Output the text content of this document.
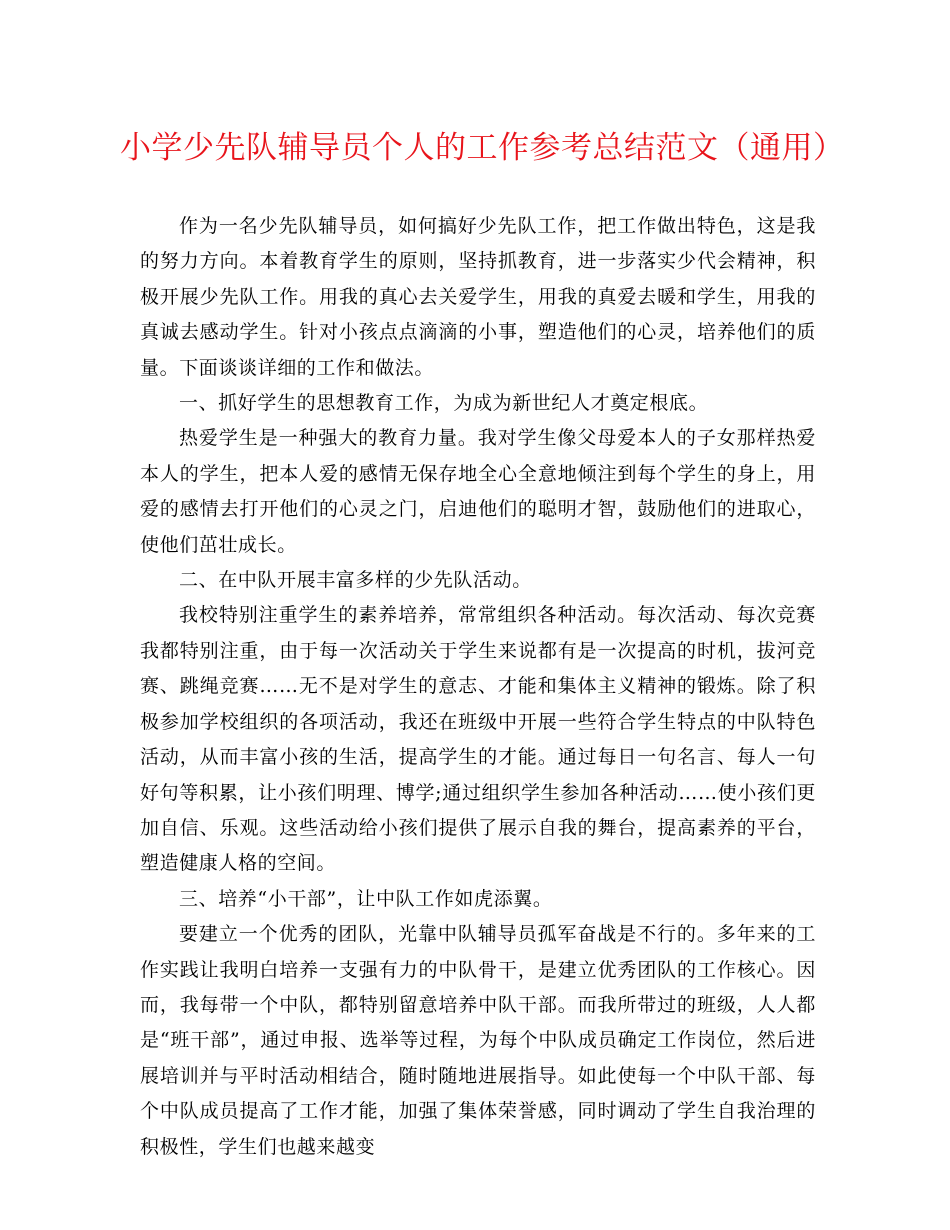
小学少先队辅导员个人的工作参考总结范文（通用）

作为一名少先队辅导员，如何搞好少先队工作，把工作做出特色，这是我的努力方向。本着教育学生的原则，坚持抓教育，进一步落实少代会精神，积极开展少先队工作。用我的真心去关爱学生，用我的真爱去暖和学生，用我的真诚去感动学生。针对小孩点点滴滴的小事，塑造他们的心灵，培养他们的质量。下面谈谈详细的工作和做法。

一、抓好学生的思想教育工作，为成为新世纪人才奠定根底。

热爱学生是一种强大的教育力量。我对学生像父母爱本人的子女那样热爱本人的学生，把本人爱的感情无保存地全心全意地倾注到每个学生的身上，用爱的感情去打开他们的心灵之门，启迪他们的聪明才智，鼓励他们的进取心，使他们茁壮成长。

二、在中队开展丰富多样的少先队活动。

我校特别注重学生的素养培养，常常组织各种活动。每次活动、每次竞赛我都特别注重，由于每一次活动关于学生来说都有是一次提高的时机，拔河竞赛、跳绳竞赛……无不是对学生的意志、才能和集体主义精神的锻炼。除了积极参加学校组织的各项活动，我还在班级中开展一些符合学生特点的中队特色活动，从而丰富小孩的生活，提高学生的才能。通过每日一句名言、每人一句好句等积累，让小孩们明理、博学;通过组织学生参加各种活动……使小孩们更加自信、乐观。这些活动给小孩们提供了展示自我的舞台，提高素养的平台，塑造健康人格的空间。

三、培养“小干部”，让中队工作如虎添翼。

要建立一个优秀的团队，光靠中队辅导员孤军奋战是不行的。多年来的工作实践让我明白培养一支强有力的中队骨干，是建立优秀团队的工作核心。因而，我每带一个中队，都特别留意培养中队干部。而我所带过的班级，人人都是“班干部”，通过申报、选举等过程，为每个中队成员确定工作岗位，然后进展培训并与平时活动相结合，随时随地进展指导。如此使每一个中队干部、每个中队成员提高了工作才能，加强了集体荣誉感，同时调动了学生自我治理的积极性，学生们也越来越变
